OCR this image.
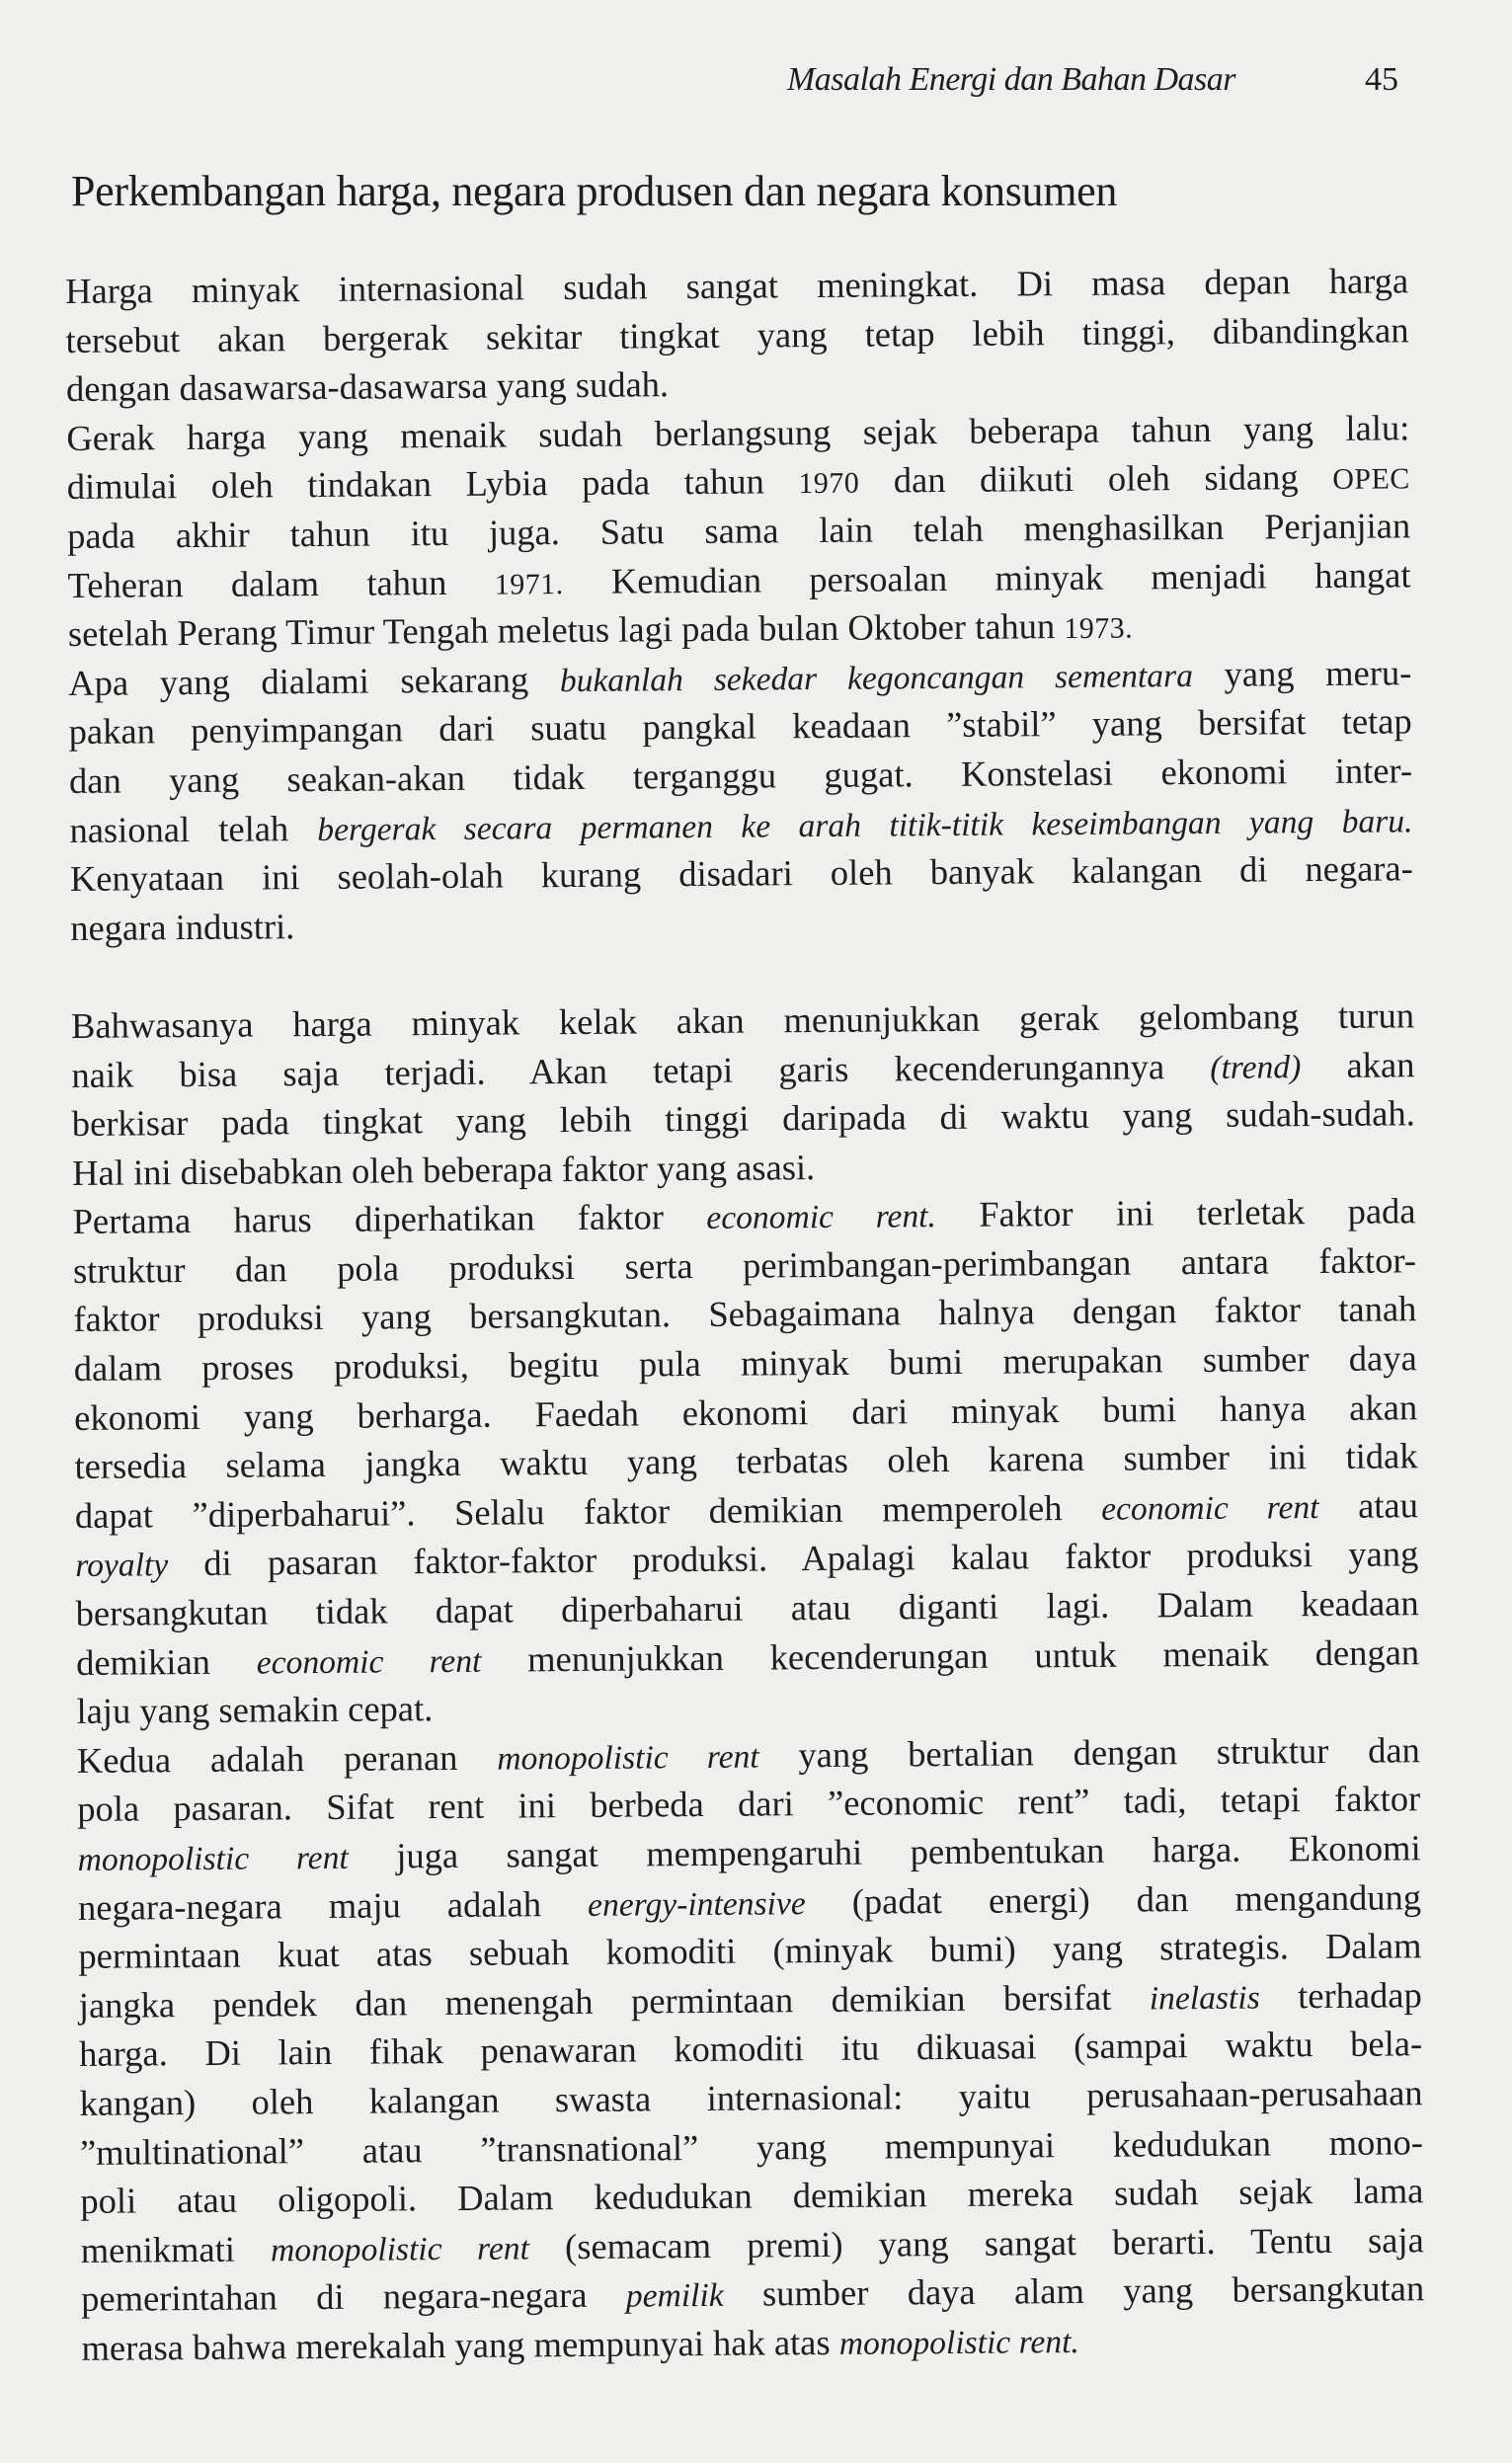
Masalah Energi dan Bahan Dasar	45
Perkembangan harga, negara produsen dan negara konsumen
Harga minyak internasional sudah sangat meningkat. Di masa depan harga
tersebut akan bergerak sekitar tingkat yang tetap lebih tinggi, dibandingkan
dengan dasawarsa-dasawarsa yang sudah.
Gerak harga yang menaik sudah berlangsung sejak beberapa tahun yang lalu:
dimulai oleh tindakan Lybia pada tahun 1970 dan diikuti oleh sidang OPEC
pada akhir tahun itu juga. Satu sama lain telah menghasilkan Perjanjian
Teheran dalam tahun 1971. Kemudian persoalan minyak menjadi hangat
setelah Perang Timur Tengah meletus lagi pada bulan Oktober tahun 1973.
Apa yang dialami sekarang bukanlah sekedar kegoncangan sementara yang meru-
pakan penyimpangan dari suatu pangkal keadaan ”stabil” yang bersifat tetap
dan yang seakan-akan tidak terganggu gugat. Konstelasi ekonomi inter-
nasional telah bergerak secara permanen ke arah titik-titik keseimbangan yang baru.
Kenyataan ini seolah-olah kurang disadari oleh banyak kalangan di negara-
negara industri.
Bahwasanya harga minyak kelak akan menunjukkan gerak gelombang turun
naik bisa saja terjadi. Akan tetapi garis kecenderungannya (trend) akan
berkisar pada tingkat yang lebih tinggi daripada di waktu yang sudah-sudah.
Hal ini disebabkan oleh beberapa faktor yang asasi.
Pertama harus diperhatikan faktor economic rent. Faktor ini terletak pada
struktur dan pola produksi serta perimbangan-perimbangan antara faktor-
faktor produksi yang bersangkutan. Sebagaimana halnya dengan faktor tanah
dalam proses produksi, begitu pula minyak bumi merupakan sumber daya
ekonomi yang berharga. Faedah ekonomi dari minyak bumi hanya akan
tersedia selama jangka waktu yang terbatas oleh karena sumber ini tidak
dapat ”diperbaharui”. Selalu faktor demikian memperoleh economic rent atau
royalty di pasaran faktor-faktor produksi. Apalagi kalau faktor produksi yang
bersangkutan tidak dapat diperbaharui atau diganti lagi. Dalam keadaan
demikian economic rent menunjukkan kecenderungan untuk menaik dengan
laju yang semakin cepat.
Kedua adalah peranan monopolistic rent yang bertalian dengan struktur dan
pola pasaran. Sifat rent ini berbeda dari ”economic rent” tadi, tetapi faktor
monopolistic rent juga sangat mempengaruhi pembentukan harga. Ekonomi
negara-negara maju adalah energy-intensive (padat energi) dan mengandung
permintaan kuat atas sebuah komoditi (minyak bumi) yang strategis. Dalam
jangka pendek dan menengah permintaan demikian bersifat inelastis terhadap
harga. Di lain fihak penawaran komoditi itu dikuasai (sampai waktu bela-
kangan) oleh kalangan swasta internasional: yaitu perusahaan-perusahaan
”multinational” atau ”transnational” yang mempunyai kedudukan mono-
poli atau oligopoli. Dalam kedudukan demikian mereka sudah sejak lama
menikmati monopolistic rent (semacam premi) yang sangat berarti. Tentu saja
pemerintahan di negara-negara pemilik sumber daya alam yang bersangkutan
merasa bahwa merekalah yang mempunyai hak atas monopolistic rent.
